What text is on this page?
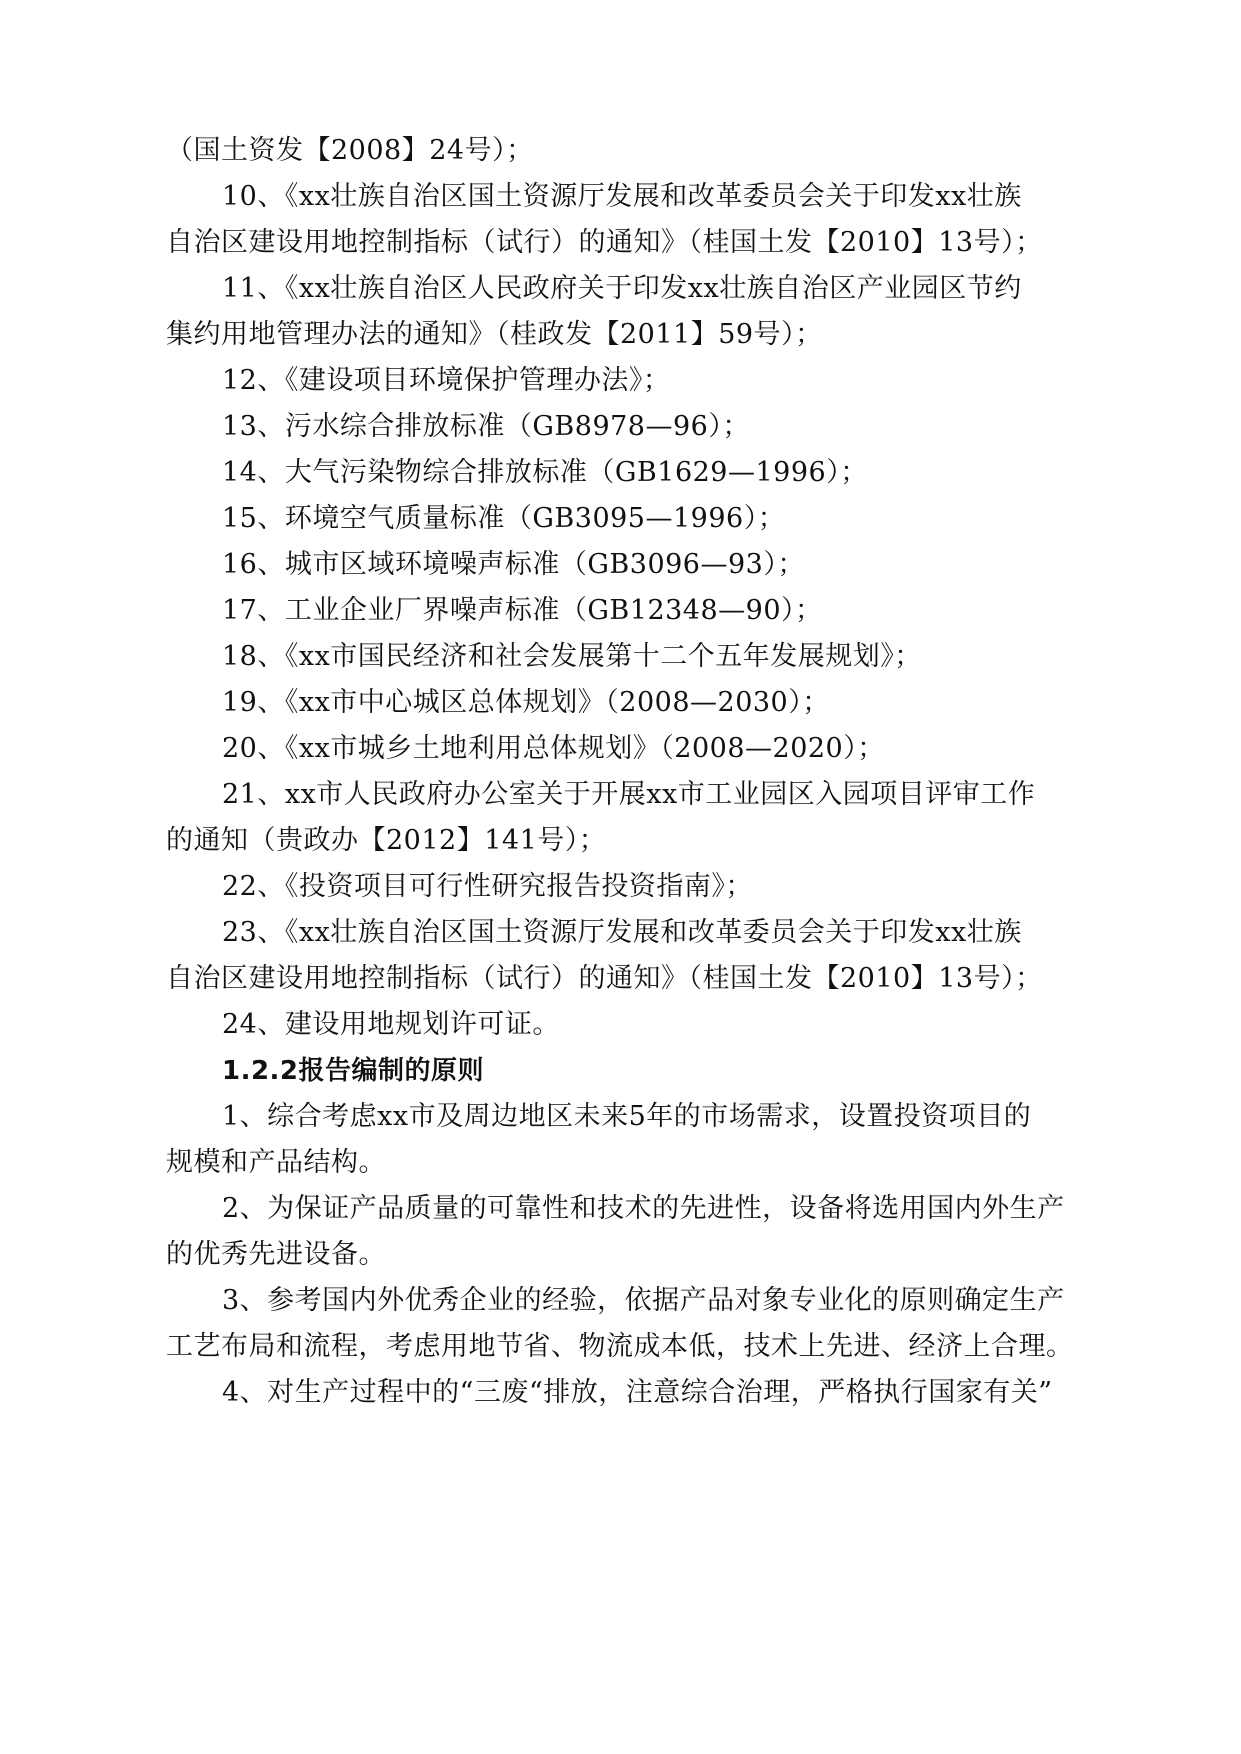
（国土资发【2008】24号）；
10、《xx壮族自治区国土资源厅发展和改革委员会关于印发xx壮族
自治区建设用地控制指标（试行）的通知》（桂国土发【2010】13号）；
11、《xx壮族自治区人民政府关于印发xx壮族自治区产业园区节约
集约用地管理办法的通知》（桂政发【2011】59号）；
12、《建设项目环境保护管理办法》；
13、污水综合排放标准（GB8978—96）；
14、大气污染物综合排放标准（GB1629—1996）；
15、环境空气质量标准（GB3095—1996）；
16、城市区域环境噪声标准（GB3096—93）；
17、工业企业厂界噪声标准（GB12348—90）；
18、《xx市国民经济和社会发展第十二个五年发展规划》；
19、《xx市中心城区总体规划》（2008—2030）；
20、《xx市城乡土地利用总体规划》（2008—2020）；
21、xx市人民政府办公室关于开展xx市工业园区入园项目评审工作
的通知（贵政办【2012】141号）；
22、《投资项目可行性研究报告投资指南》；
23、《xx壮族自治区国土资源厅发展和改革委员会关于印发xx壮族
自治区建设用地控制指标（试行）的通知》（桂国土发【2010】13号）；
24、建设用地规划许可证。
1.2.2报告编制的原则
1、综合考虑xx市及周边地区未来5年的市场需求，设置投资项目的
规模和产品结构。
2、为保证产品质量的可靠性和技术的先进性，设备将选用国内外生产
的优秀先进设备。
3、参考国内外优秀企业的经验，依据产品对象专业化的原则确定生产
工艺布局和流程，考虑用地节省、物流成本低，技术上先进、经济上合理。
4、对生产过程中的“三废“排放，注意综合治理，严格执行国家有关”
